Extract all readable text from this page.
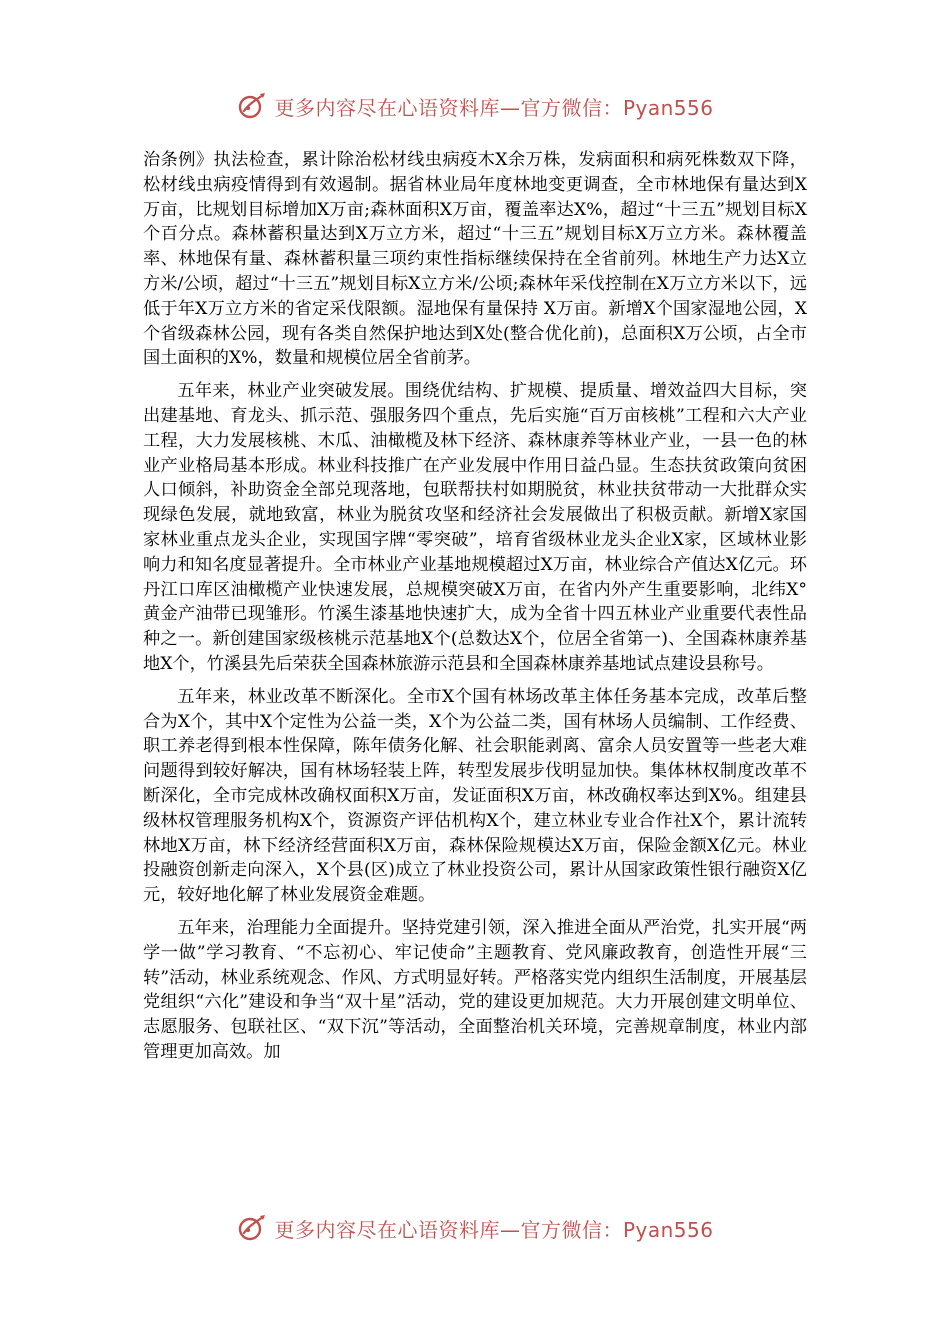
更多内容尽在心语资料库—官方微信：Pyan556

治条例》执法检查，累计除治松材线虫病疫木X余万株，发病面积和病死株数双下降，松材线虫病疫情得到有效遏制。据省林业局年度林地变更调查，全市林地保有量达到X万亩，比规划目标增加X万亩;森林面积X万亩，覆盖率达X%，超过“十三五”规划目标X个百分点。森林蓄积量达到X万立方米，超过“十三五”规划目标X万立方米。森林覆盖率、林地保有量、森林蓄积量三项约束性指标继续保持在全省前列。林地生产力达X立方米/公顷，超过“十三五”规划目标X立方米/公顷;森林年采伐控制在X万立方米以下，远低于年X万立方米的省定采伐限额。湿地保有量保持 X万亩。新增X个国家湿地公园，X个省级森林公园，现有各类自然保护地达到X处(整合优化前)，总面积X万公顷，占全市国土面积的X%，数量和规模位居全省前茅。

五年来，林业产业突破发展。围绕优结构、扩规模、提质量、增效益四大目标，突出建基地、育龙头、抓示范、强服务四个重点，先后实施“百万亩核桃”工程和六大产业工程，大力发展核桃、木瓜、油橄榄及林下经济、森林康养等林业产业，一县一色的林业产业格局基本形成。林业科技推广在产业发展中作用日益凸显。生态扶贫政策向贫困人口倾斜，补助资金全部兑现落地，包联帮扶村如期脱贫，林业扶贫带动一大批群众实现绿色发展，就地致富，林业为脱贫攻坚和经济社会发展做出了积极贡献。新增X家国家林业重点龙头企业，实现国字牌“零突破”，培育省级林业龙头企业X家，区域林业影响力和知名度显著提升。全市林业产业基地规模超过X万亩，林业综合产值达X亿元。环丹江口库区油橄榄产业快速发展，总规模突破X万亩，在省内外产生重要影响，北纬X° 黄金产油带已现雏形。竹溪生漆基地快速扩大，成为全省十四五林业产业重要代表性品种之一。新创建国家级核桃示范基地X个(总数达X个，位居全省第一)、全国森林康养基地X个，竹溪县先后荣获全国森林旅游示范县和全国森林康养基地试点建设县称号。

五年来，林业改革不断深化。全市X个国有林场改革主体任务基本完成，改革后整合为X个，其中X个定性为公益一类，X个为公益二类，国有林场人员编制、工作经费、职工养老得到根本性保障，陈年债务化解、社会职能剥离、富余人员安置等一些老大难问题得到较好解决，国有林场轻装上阵，转型发展步伐明显加快。集体林权制度改革不断深化，全市完成林改确权面积X万亩，发证面积X万亩，林改确权率达到X%。组建县级林权管理服务机构X个，资源资产评估机构X个，建立林业专业合作社X个，累计流转林地X万亩，林下经济经营面积X万亩，森林保险规模达X万亩，保险金额X亿元。林业投融资创新走向深入，X个县(区)成立了林业投资公司，累计从国家政策性银行融资X亿元，较好地化解了林业发展资金难题。

五年来，治理能力全面提升。坚持党建引领，深入推进全面从严治党，扎实开展“两学一做”学习教育、“不忘初心、牢记使命”主题教育、党风廉政教育，创造性开展“三转”活动，林业系统观念、作风、方式明显好转。严格落实党内组织生活制度，开展基层党组织“六化”建设和争当“双十星”活动，党的建设更加规范。大力开展创建文明单位、志愿服务、包联社区、“双下沉”等活动，全面整治机关环境，完善规章制度，林业内部管理更加高效。加

更多内容尽在心语资料库—官方微信：Pyan556
